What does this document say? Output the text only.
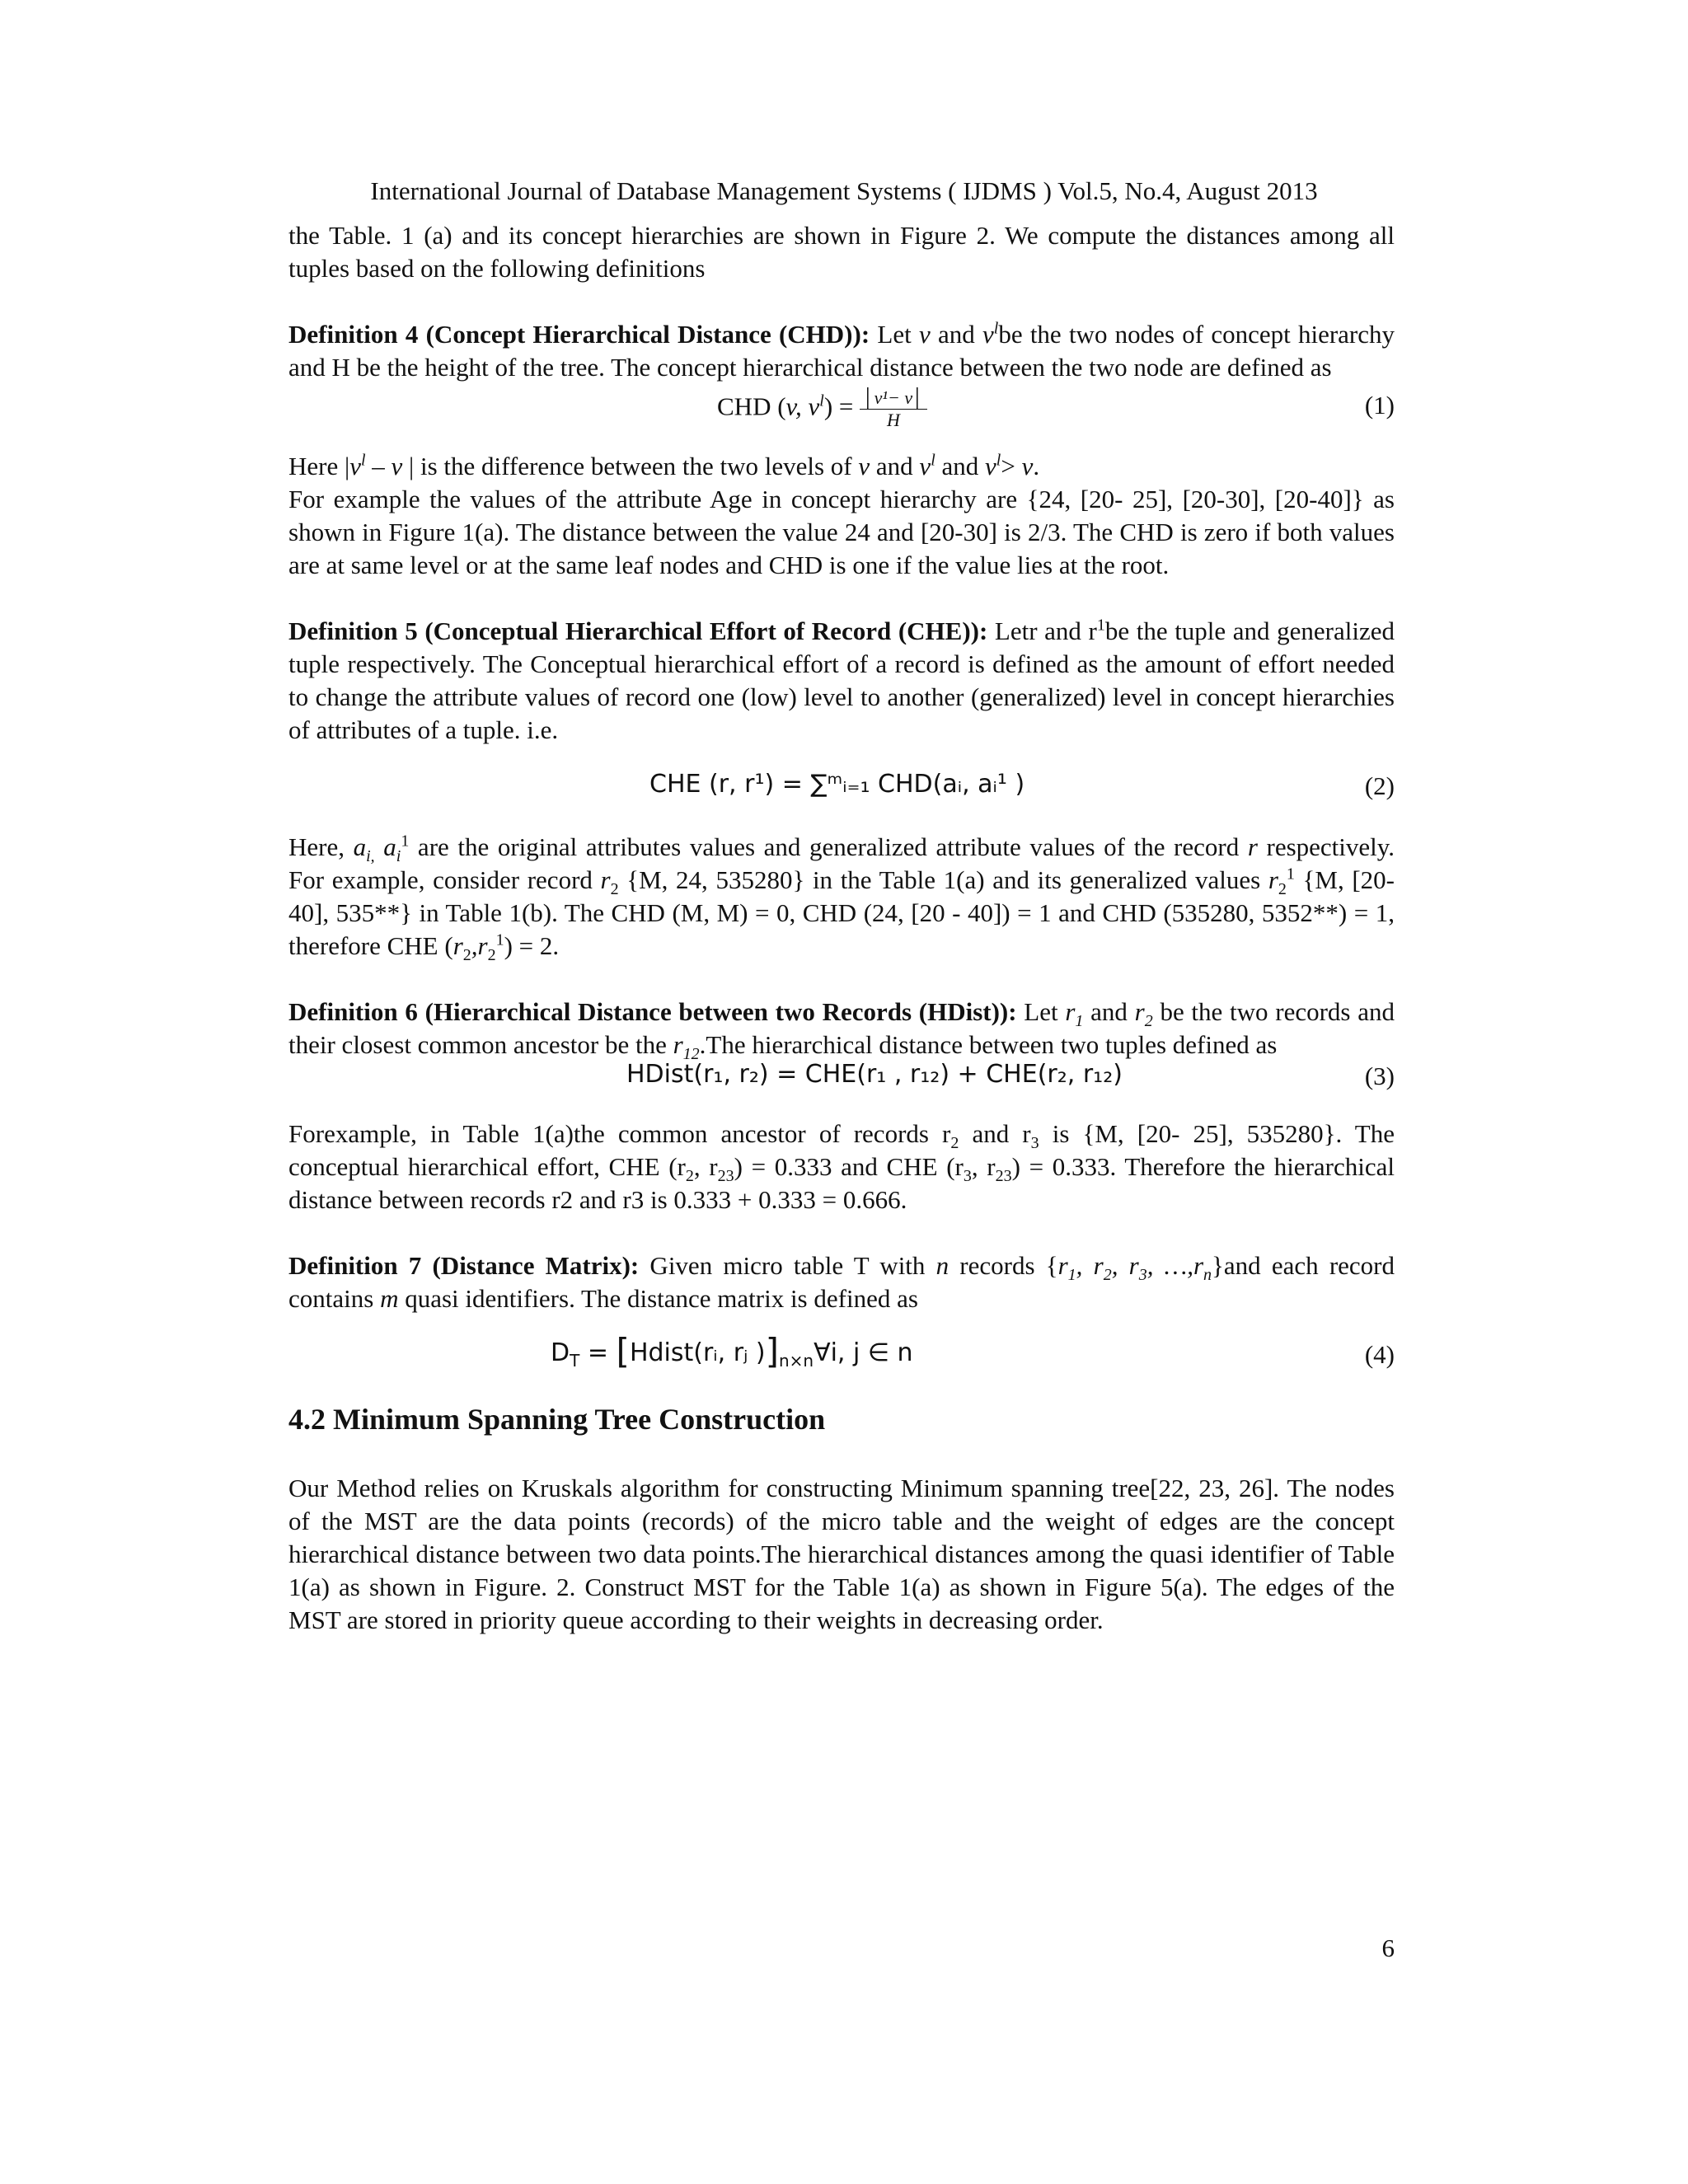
International Journal of Database Management Systems ( IJDMS ) Vol.5, No.4, August 2013

the Table. 1 (a) and its concept hierarchies are shown in Figure 2. We compute the distances among all tuples based on the following definitions

Definition 4 (Concept Hierarchical Distance (CHD)): Let v and $v^lbe$ the two nodes of concept hierarchy and H be the height of the tree. The concept hierarchical distance between the two node are defined as

CHD (v, $v^l) = \frac{\text{│v¹− v│}}{H}$	(1)

Here $|v^l$ – v | is the difference between the two levels of v and $v^l$ and $v^l> v$.

For example the values of the attribute Age in concept hierarchy are {24, [20- 25], [20-30], [20-40]} as shown in Figure 1(a). The distance between the value 24 and [20-30] is 2/3. The CHD is zero if both values are at same level or at the same leaf nodes and CHD is one if the value lies at the root.

Definition 5 (Conceptual Hierarchical Effort of Record (CHE)): Letr and $r^1be$ the tuple and generalized tuple respectively. The Conceptual hierarchical effort of a record is defined as the amount of effort needed to change the attribute values of record one (low) level to another (generalized) level in concept hierarchies of attributes of a tuple. i.e.

CHE (r, r¹) = ∑ᵐᵢ₌₁ CHD(aᵢ, aᵢ¹ )	(2)

Here, $a_{i,}$ $a_i^1$ are the original attributes values and generalized attribute values of the record r respectively. For example, consider record $r_2$ {M, 24, 535280} in the Table 1(a) and its generalized values $r_2^1$ {M, [20-40], 535**} in Table 1(b). The CHD (M, M) = 0, CHD (24, [20 - 40]) = 1 and CHD (535280, 5352**) = 1, therefore CHE $(r_2,r_2^1) = 2$.

Definition 6 (Hierarchical Distance between two Records (HDist)): Let $r_1$ and $r_2$ be the two records and their closest common ancestor be the $r_{12}.The$ hierarchical distance between two tuples defined as

HDist(r₁, r₂) = CHE(r₁ , r₁₂) + CHE(r₂, r₁₂)	(3)

Forexample, in Table 1(a)the common ancestor of records $r_2$ and $r_3$ is {M, [20- 25], 535280}. The conceptual hierarchical effort, CHE ($r_2$, $r_{23}) = 0.333$ and CHE ($r_3$, $r_{23}) = 0.333$. Therefore the hierarchical distance between records r2 and r3 is 0.333 + 0.333 = 0.666.

Definition 7 (Distance Matrix): Given micro table T with n records {$r_1$, $r_2$, $r_3$, $\dots,r_n\}and$ each record contains m quasi identifiers. The distance matrix is defined as

$D_T$ = [Hdist(rᵢ, rⱼ )]$_{n\times n}\forall i$, j ∈ n	(4)
4.2 Minimum Spanning Tree Construction

Our Method relies on Kruskals algorithm for constructing Minimum spanning tree[22, 23, 26]. The nodes of the MST are the data points (records) of the micro table and the weight of edges are the concept hierarchical distance between two data points.The hierarchical distances among the quasi identifier of Table 1(a) as shown in Figure. 2. Construct MST for the Table 1(a) as shown in Figure 5(a). The edges of the MST are stored in priority queue according to their weights in decreasing order.

6
